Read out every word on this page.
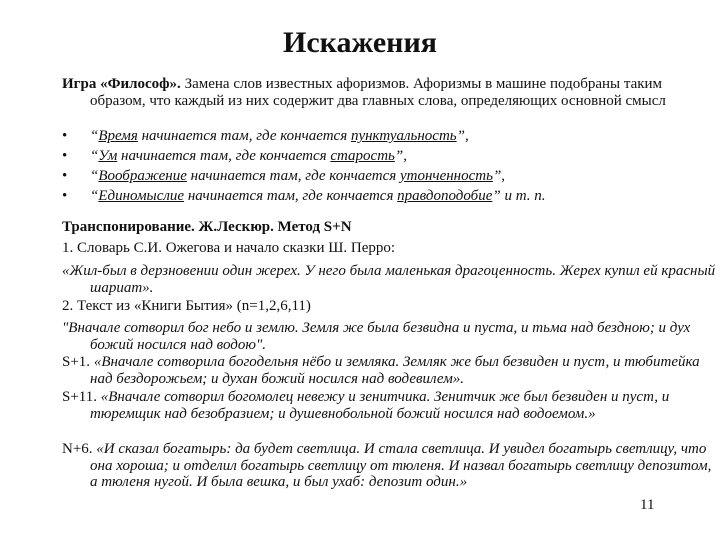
Искажения
Игра «Философ». Замена слов известных афоризмов. Афоризмы в машине подобраны таким образом, что каждый из них содержит два главных слова, определяющих основной смысл
• “Время начинается там, где кончается пунктуальность”,
• “Ум начинается там, где кончается старость”,
• “Воображение начинается там, где кончается утонченность”,
• “Единомыслие начинается там, где кончается правдоподобие” и т. п.
Транспонирование. Ж.Лескюр. Метод S+N
1. Словарь С.И. Ожегова и начало сказки Ш. Перро:
«Жил-был в дерзновении один жерех. У него была маленькая драгоценность. Жерех купил ей красный шариат».
2. Текст из «Книги Бытия» (n=1,2,6,11)
"Вначале сотворил бог небо и землю. Земля же была безвидна и пуста, и тьма над бездною; и дух божий носился над водою".
S+1. «Вначале сотворила богодельня нёбо и земляка. Земляк же был безвиден и пуст, и тюбитейка над бездорожьем; и духан божий носился над водевилем».
S+11. «Вначале сотворил богомолец невежу и зенитчика. Зенитчик же был безвиден и пуст, и тюремщик над безобразием; и душевнобольной божий носился над водоемом.»
N+6. «И сказал богатырь: да будет светлица. И стала светлица. И увидел богатырь светлицу, что она хороша; и отделил богатырь светлицу от тюленя. И назвал богатырь светлицу депозитом, а тюленя нугой. И была вешка, и был ухаб: депозит один.»
11
